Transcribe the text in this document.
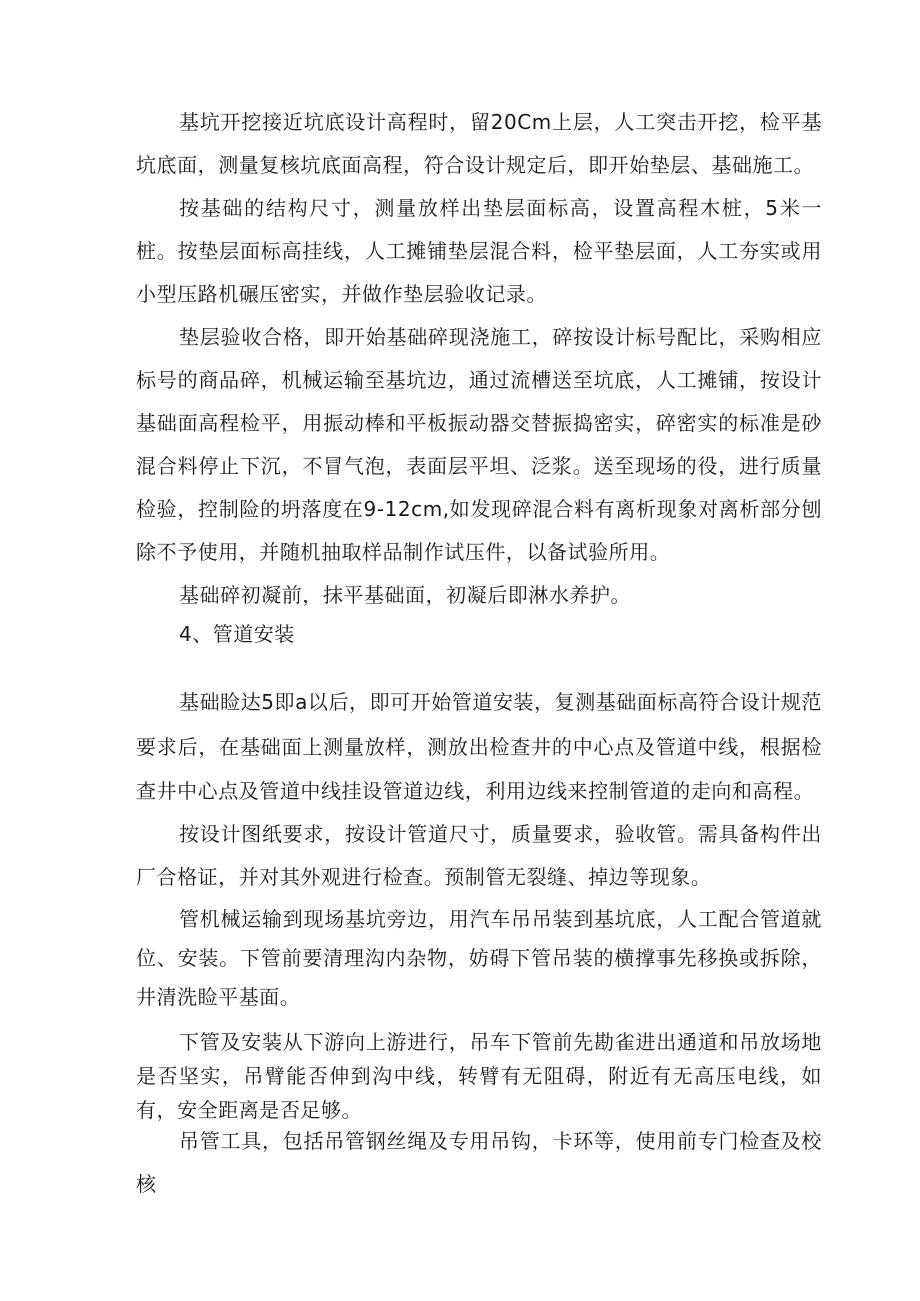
基坑开挖接近坑底设计高程时，留20Cm上层，人工突击开挖，检平基坑底面，测量复核坑底面高程，符合设计规定后，即开始垫层、基础施工。

按基础的结构尺寸，测量放样出垫层面标高，设置高程木桩，5米一桩。按垫层面标高挂线，人工摊铺垫层混合料，检平垫层面，人工夯实或用小型压路机碾压密实，并做作垫层验收记录。

垫层验收合格，即开始基础碎现浇施工，碎按设计标号配比，采购相应标号的商品碎，机械运输至基坑边，通过流槽送至坑底，人工摊铺，按设计基础面高程检平，用振动棒和平板振动器交替振捣密实，碎密实的标准是砂混合料停止下沉，不冒气泡，表面层平坦、泛浆。送至现场的役，进行质量检验，控制险的坍落度在9-12cm,如发现碎混合料有离析现象对离析部分刨除不予使用，并随机抽取样品制作试压件，以备试验所用。

基础碎初凝前，抹平基础面，初凝后即淋水养护。

4、管道安装

基础睑达5即a以后，即可开始管道安装，复测基础面标高符合设计规范要求后，在基础面上测量放样，测放出检查井的中心点及管道中线，根据检查井中心点及管道中线挂设管道边线，利用边线来控制管道的走向和高程。

按设计图纸要求，按设计管道尺寸，质量要求，验收管。需具备构件出厂合格证，并对其外观进行检查。预制管无裂缝、掉边等现象。

管机械运输到现场基坑旁边，用汽车吊吊装到基坑底，人工配合管道就位、安装。下管前要清理沟内杂物，妨碍下管吊装的横撑事先移换或拆除，井清洗睑平基面。

下管及安装从下游向上游进行，吊车下管前先勘雀进出通道和吊放场地是否坚实，吊臂能否伸到沟中线，转臂有无阻碍，附近有无高压电线，如有，安全距离是否足够。

吊管工具，包括吊管钢丝绳及专用吊钩，卡环等，使用前专门检查及校核
